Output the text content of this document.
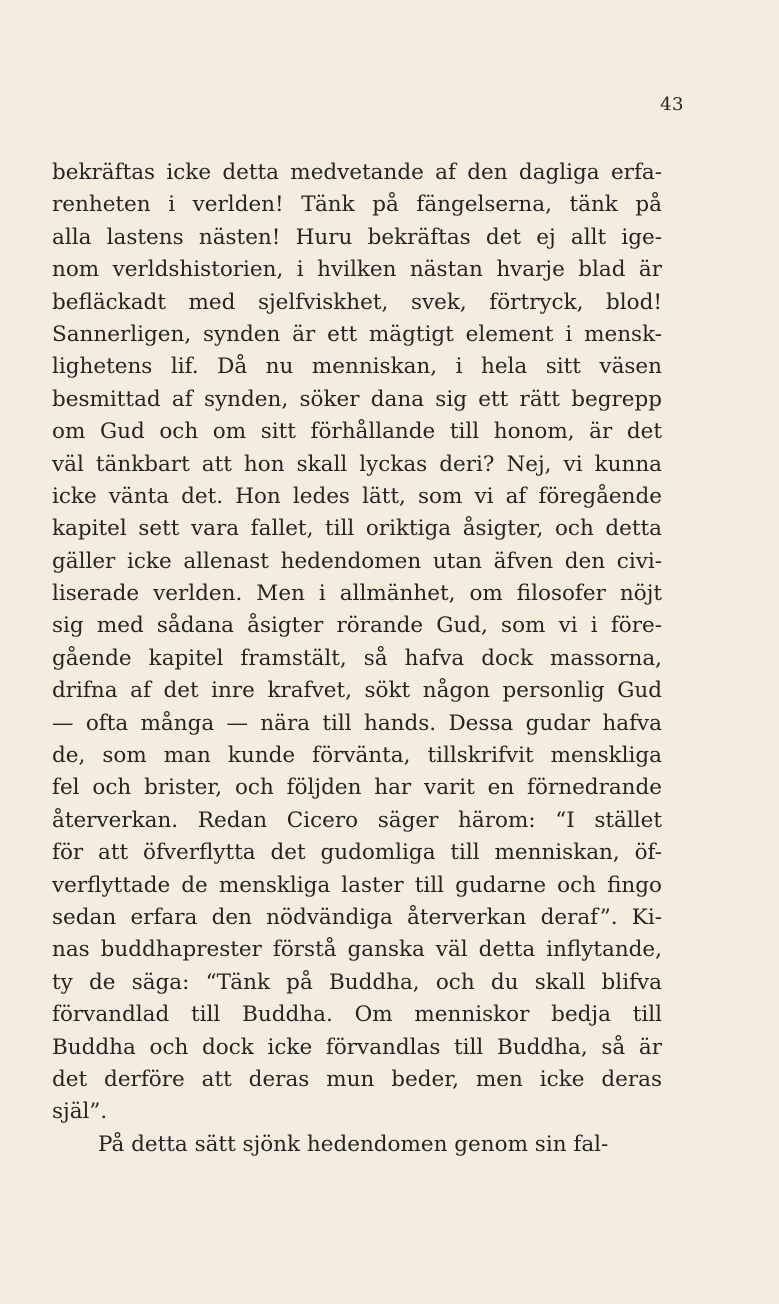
43
bekräftas icke detta medvetande af den dagliga erfa-
renheten i verlden! Tänk på fängelserna, tänk på
alla lastens nästen! Huru bekräftas det ej allt ige-
nom verldshistorien, i hvilken nästan hvarje blad är
befläckadt med sjelfviskhet, svek, förtryck, blod!
Sannerligen, synden är ett mägtigt element i mensk-
lighetens lif. Då nu menniskan, i hela sitt väsen
besmittad af synden, söker dana sig ett rätt begrepp
om Gud och om sitt förhållande till honom, är det
väl tänkbart att hon skall lyckas deri? Nej, vi kunna
icke vänta det. Hon ledes lätt, som vi af föregående
kapitel sett vara fallet, till oriktiga åsigter, och detta
gäller icke allenast hedendomen utan äfven den civi-
liserade verlden. Men i allmänhet, om filosofer nöjt
sig med sådana åsigter rörande Gud, som vi i före-
gående kapitel framstält, så hafva dock massorna,
drifna af det inre krafvet, sökt någon personlig Gud
— ofta många — nära till hands. Dessa gudar hafva
de, som man kunde förvänta, tillskrifvit menskliga
fel och brister, och följden har varit en förnedrande
återverkan. Redan Cicero säger härom: “I stället
för att öfverflytta det gudomliga till menniskan, öf-
verflyttade de menskliga laster till gudarne och fingo
sedan erfara den nödvändiga återverkan deraf”. Ki-
nas buddhaprester förstå ganska väl detta inflytande,
ty de säga: “Tänk på Buddha, och du skall blifva
förvandlad till Buddha. Om menniskor bedja till
Buddha och dock icke förvandlas till Buddha, så är
det derföre att deras mun beder, men icke deras
själ”.
På detta sätt sjönk hedendomen genom sin fal-
